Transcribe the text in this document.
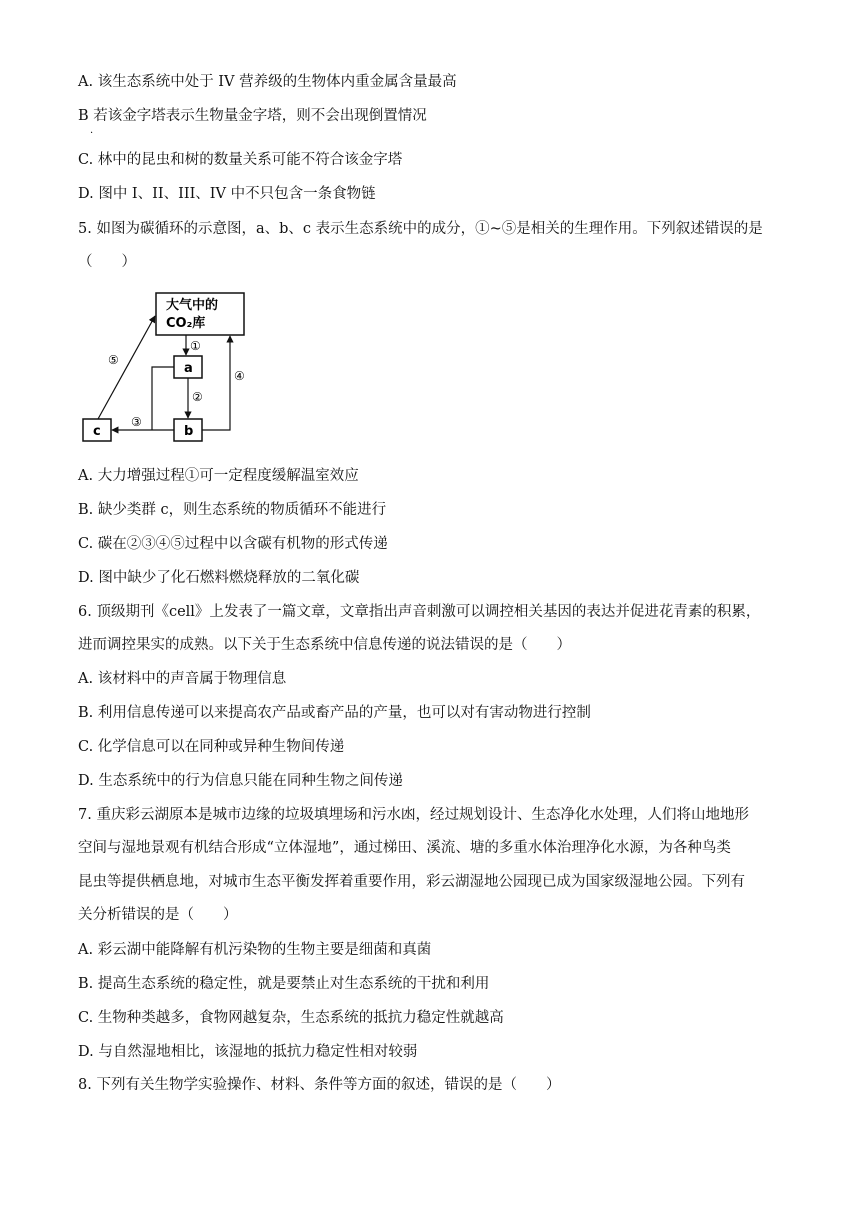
A. 该生态系统中处于 IV 营养级的生物体内重金属含量最高
B 若该金字塔表示生物量金字塔，则不会出现倒置情况
·
C. 林中的昆虫和树的数量关系可能不符合该金字塔
D. 图中 I、II、III、IV 中不只包含一条食物链
5. 如图为碳循环的示意图，a、b、c 表示生态系统中的成分，①~⑤是相关的生理作用。下列叙述错误的是
（　　）
大气中的
CO₂库
a
b
c
①
②
④
③
⑤
A. 大力增强过程①可一定程度缓解温室效应
B. 缺少类群 c，则生态系统的物质循环不能进行
C. 碳在②③④⑤过程中以含碳有机物的形式传递
D. 图中缺少了化石燃料燃烧释放的二氧化碳
6. 顶级期刊《cell》上发表了一篇文章，文章指出声音刺激可以调控相关基因的表达并促进花青素的积累，
进而调控果实的成熟。以下关于生态系统中信息传递的说法错误的是（　　）
A. 该材料中的声音属于物理信息
B. 利用信息传递可以来提高农产品或畜产品的产量，也可以对有害动物进行控制
C. 化学信息可以在同种或异种生物间传递
D. 生态系统中的行为信息只能在同种生物之间传递
7. 重庆彩云湖原本是城市边缘的垃圾填埋场和污水凼，经过规划设计、生态净化水处理，人们将山地地形
空间与湿地景观有机结合形成“立体湿地”，通过梯田、溪流、塘的多重水体治理净化水源，为各种鸟类
昆虫等提供栖息地，对城市生态平衡发挥着重要作用，彩云湖湿地公园现已成为国家级湿地公园。下列有
关分析错误的是（　　）
A. 彩云湖中能降解有机污染物的生物主要是细菌和真菌
B. 提高生态系统的稳定性，就是要禁止对生态系统的干扰和利用
C. 生物种类越多，食物网越复杂，生态系统的抵抗力稳定性就越高
D. 与自然湿地相比，该湿地的抵抗力稳定性相对较弱
8. 下列有关生物学实验操作、材料、条件等方面的叙述，错误的是（　　）
